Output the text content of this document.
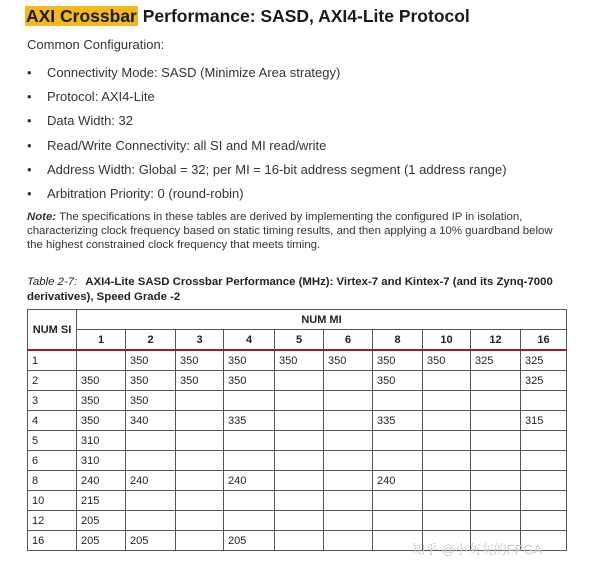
AXI Crossbar Performance: SASD, AXI4-Lite Protocol
Common Configuration:
• Connectivity Mode: SASD (Minimize Area strategy)
• Protocol: AXI4-Lite
• Data Width: 32
• Read/Write Connectivity: all SI and MI read/write
• Address Width: Global = 32; per MI = 16-bit address segment (1 address range)
• Arbitration Priority: 0 (round-robin)
Note: The specifications in these tables are derived by implementing the configured IP in isolation, characterizing clock frequency based on static timing results, and then applying a 10% guardband below the highest constrained clock frequency that meets timing.
Table 2-7: AXI4-Lite SASD Crossbar Performance (MHz): Virtex-7 and Kintex-7 (and its Zynq-7000 derivatives), Speed Grade -2
NUM SI	NUM MI									
	1	2	3	4	5	6	8	10	12	16
1		350	350	350	350	350	350	350	325	325
2	350	350	350	350			350			325
3	350	350								
4	350	340		335			335			315
5	310									
6	310									
8	240	240		240			240			
10	215									
12	205									
16	205	205		205						
知乎 @小灰灰的FPGA
